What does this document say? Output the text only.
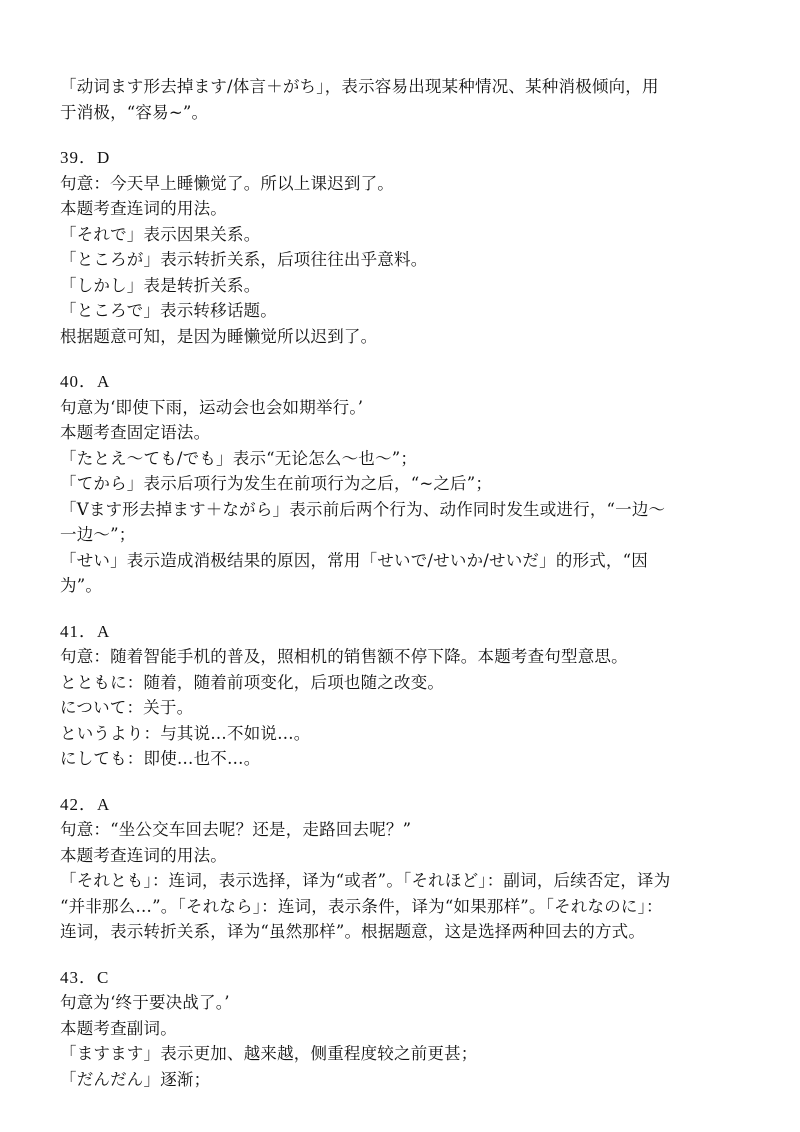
「动词ます形去掉ます/体言＋がち」，表示容易出现某种情况、某种消极倾向，用
于消极，“容易~”。
39．D
句意：今天早上睡懒觉了。所以上课迟到了。
本题考查连词的用法。
「それで」表示因果关系。
「ところが」表示转折关系，后项往往出乎意料。
「しかし」表是转折关系。
「ところで」表示转移话题。
根据题意可知，是因为睡懒觉所以迟到了。
40．A
句意为‘即使下雨，运动会也会如期举行。’
本题考查固定语法。
「たとえ～ても/でも」表示“无论怎么～也～”；
「てから」表示后项行为发生在前项行为之后，“~之后”；
「Vます形去掉ます＋ながら」表示前后两个行为、动作同时发生或进行，“一边～
一边～”；
「せい」表示造成消极结果的原因，常用「せいで/せいか/せいだ」的形式，“因
为”。
41．A
句意：随着智能手机的普及，照相机的销售额不停下降。本题考查句型意思。
とともに：随着，随着前项变化，后项也随之改变。
について：关于。
というより：与其说…不如说…。
にしても：即使…也不…。
42．A
句意：“坐公交车回去呢？还是，走路回去呢？”
本题考查连词的用法。
「それとも」：连词，表示选择，译为“或者”。「それほど」：副词，后续否定，译为
“并非那么…”。「それなら」：连词，表示条件，译为“如果那样”。「それなのに」：
连词，表示转折关系，译为“虽然那样”。根据题意，这是选择两种回去的方式。
43．C
句意为‘终于要决战了。’
本题考查副词。
「ますます」表示更加、越来越，侧重程度较之前更甚；
「だんだん」逐渐；
